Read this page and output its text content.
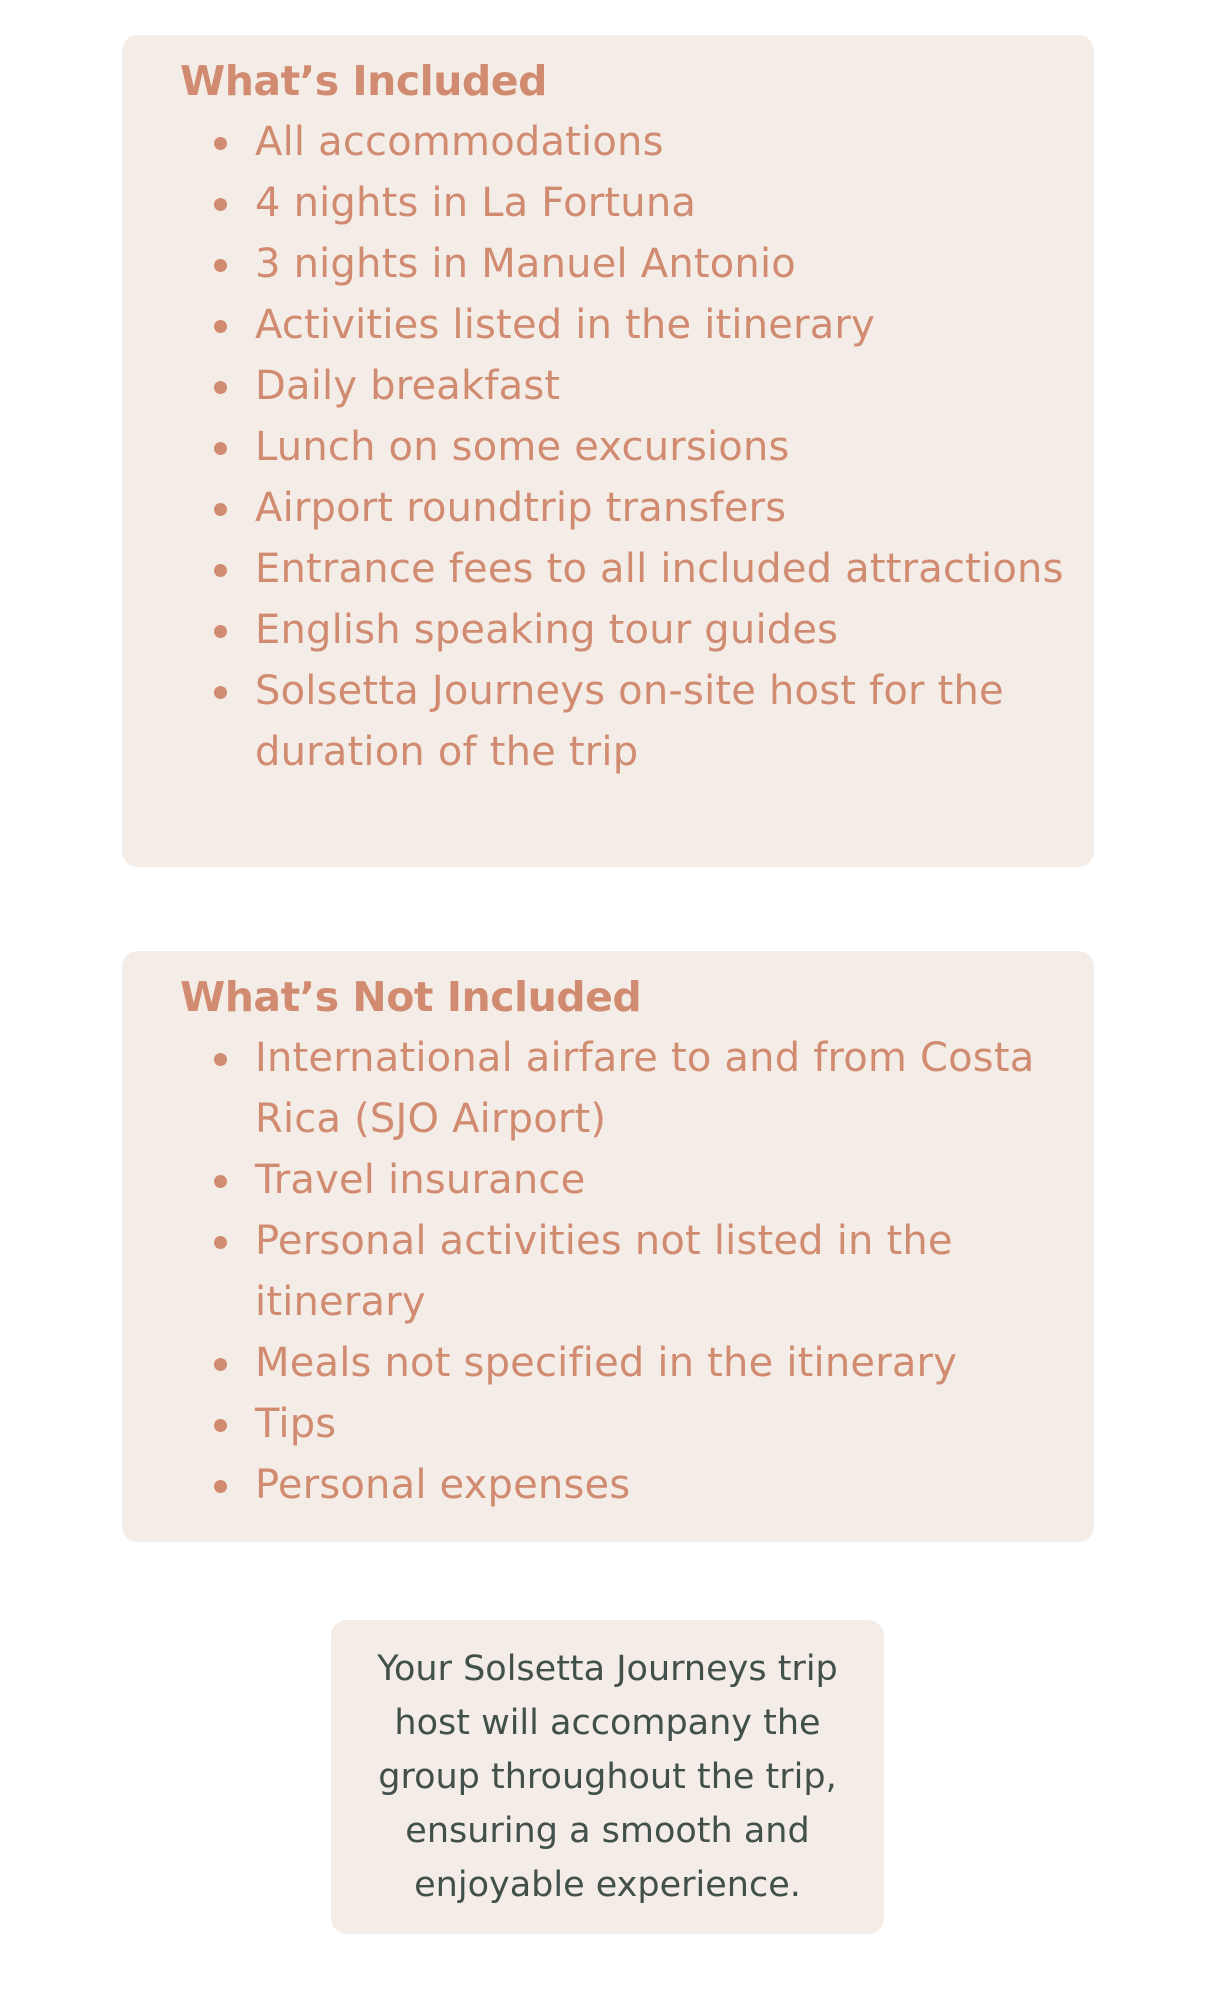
What’s Included
All accommodations
4 nights in La Fortuna
3 nights in Manuel Antonio
Activities listed in the itinerary
Daily breakfast
Lunch on some excursions
Airport roundtrip transfers
Entrance fees to all included attractions
English speaking tour guides
Solsetta Journeys on-site host for the duration of the trip
What’s Not Included
International airfare to and from Costa Rica (SJO Airport)
Travel insurance
Personal activities not listed in the itinerary
Meals not specified in the itinerary
Tips
Personal expenses
Your Solsetta Journeys trip host will accompany the group throughout the trip, ensuring a smooth and enjoyable experience.
